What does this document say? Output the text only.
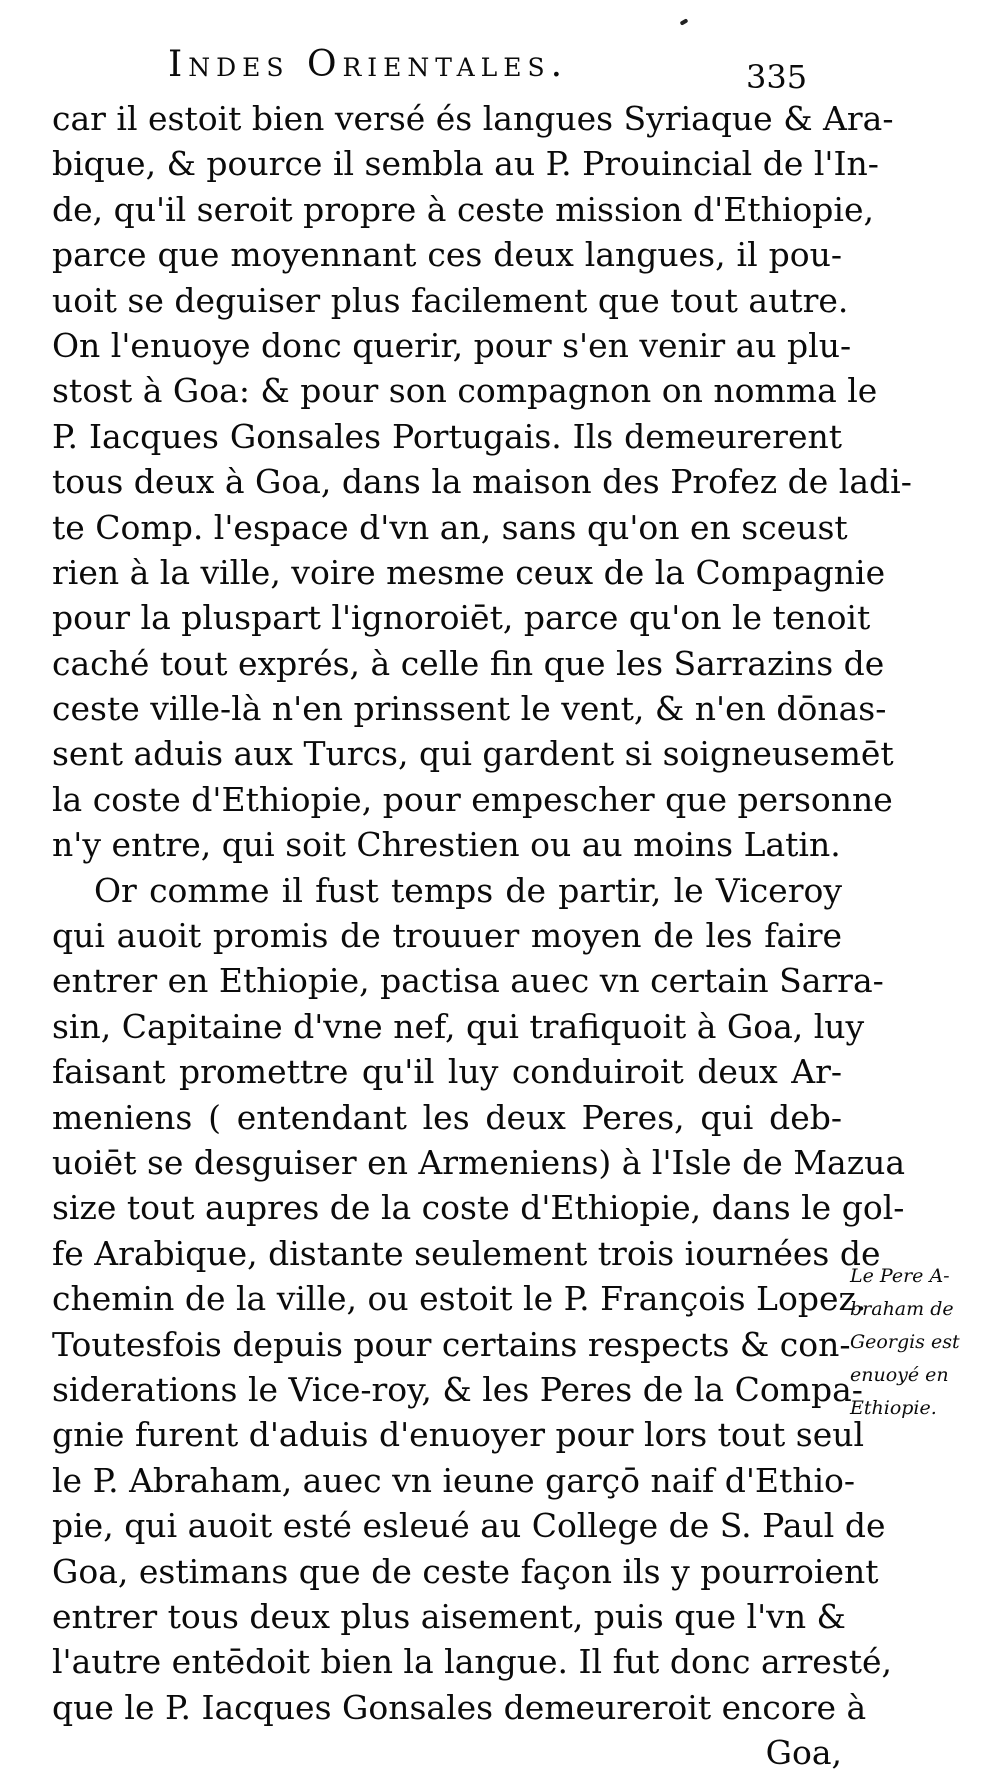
Indes Orientales.	335
car il estoit bien versé és langues Syriaque & Ara-
bique, & pource il sembla au P. Prouincial de l'In-
de, qu'il seroit propre à ceste mission d'Ethiopie,
parce que moyennant ces deux langues, il pou-
uoit se deguiser plus facilement que tout autre.
On l'enuoye donc querir, pour s'en venir au plu-
stost à Goa: & pour son compagnon on nomma le
P. Iacques Gonsales Portugais. Ils demeurerent
tous deux à Goa, dans la maison des Profez de ladi-
te Comp. l'espace d'vn an, sans qu'on en sceust
rien à la ville, voire mesme ceux de la Compagnie
pour la pluspart l'ignoroiēt, parce qu'on le tenoit
caché tout exprés, à celle fin que les Sarrazins de
ceste ville-là n'en prinssent le vent, & n'en dōnas-
sent aduis aux Turcs, qui gardent si soigneusemēt
la coste d'Ethiopie, pour empescher que personne
n'y entre, qui soit Chrestien ou au moins Latin.
Or comme il fust temps de partir, le Viceroy
qui auoit promis de trouuer moyen de les faire
entrer en Ethiopie, pactisa auec vn certain Sarra-
sin, Capitaine d'vne nef, qui trafiquoit à Goa, luy
faisant promettre qu'il luy conduiroit deux Ar-
meniens ( entendant les deux Peres, qui deb-
uoiēt se desguiser en Armeniens) à l'Isle de Mazua
size tout aupres de la coste d'Ethiopie, dans le gol-
fe Arabique, distante seulement trois iournées de
chemin de la ville, ou estoit le P. François Lopez.
Toutesfois depuis pour certains respects & con-
siderations le Vice-roy, & les Peres de la Compa-
gnie furent d'aduis d'enuoyer pour lors tout seul
le P. Abraham, auec vn ieune garçō naif d'Ethio-
pie, qui auoit esté esleué au College de S. Paul de
Goa, estimans que de ceste façon ils y pourroient
entrer tous deux plus aisement, puis que l'vn &
l'autre entēdoit bien la langue. Il fut donc arresté,
que le P. Iacques Gonsales demeureroit encore à
Goa,
Le Pere A-
braham de
Georgis est
enuoyé en
Ethiopie.
